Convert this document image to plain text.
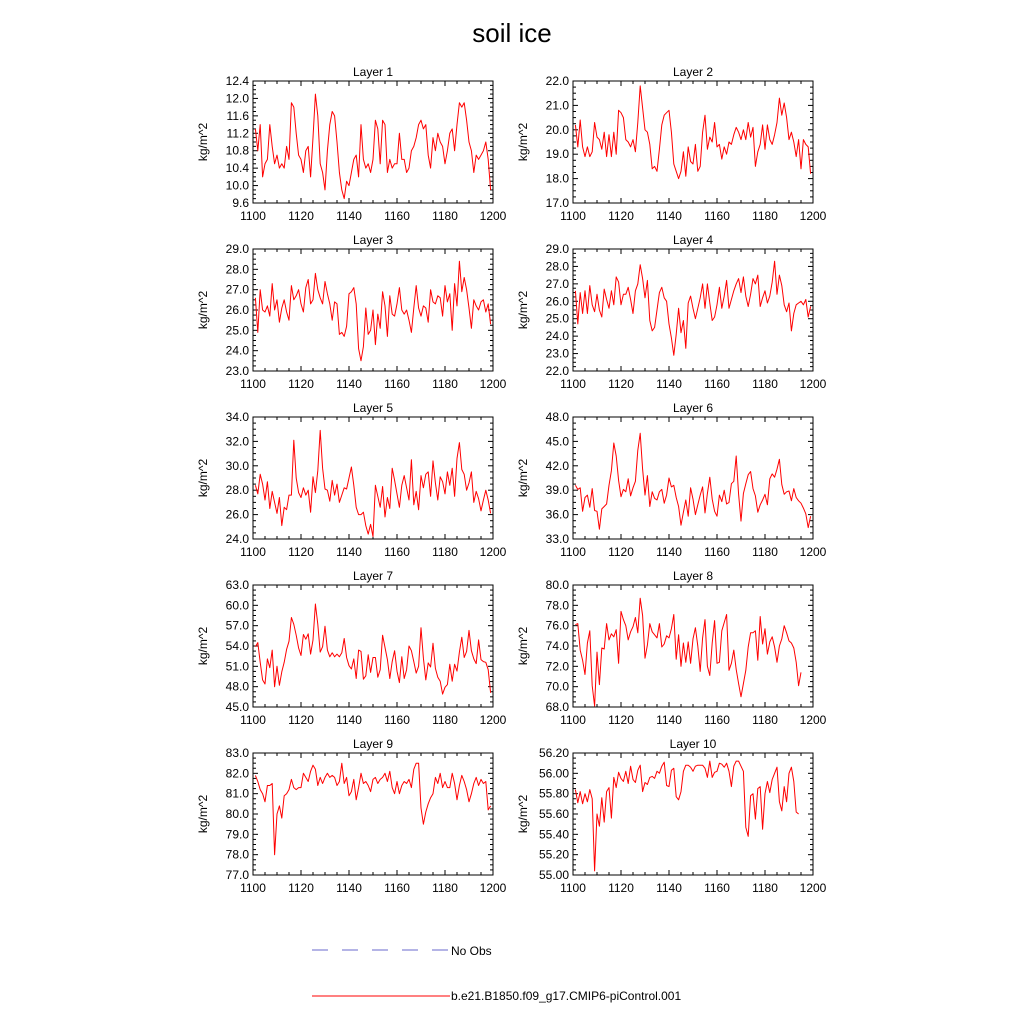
soil ice
Layer 1
kg/m^2
1100 1120 1140 1160 1180 1200
9.6
10.0
10.4
10.8
11.2
11.6
12.0
12.4
Layer 2
kg/m^2
1100 1120 1140 1160 1180 1200
17.0
18.0
19.0
20.0
21.0
22.0
Layer 3
kg/m^2
1100 1120 1140 1160 1180 1200
23.0
24.0
25.0
26.0
27.0
28.0
29.0
Layer 4
kg/m^2
1100 1120 1140 1160 1180 1200
22.0
23.0
24.0
25.0
26.0
27.0
28.0
29.0
Layer 5
kg/m^2
1100 1120 1140 1160 1180 1200
24.0
26.0
28.0
30.0
32.0
34.0
Layer 6
kg/m^2
1100 1120 1140 1160 1180 1200
33.0
36.0
39.0
42.0
45.0
48.0
Layer 7
kg/m^2
1100 1120 1140 1160 1180 1200
45.0
48.0
51.0
54.0
57.0
60.0
63.0
Layer 8
kg/m^2
1100 1120 1140 1160 1180 1200
68.0
70.0
72.0
74.0
76.0
78.0
80.0
Layer 9
kg/m^2
1100 1120 1140 1160 1180 1200
77.0
78.0
79.0
80.0
81.0
82.0
83.0
Layer 10
kg/m^2
1100 1120 1140 1160 1180 1200
55.00
55.20
55.40
55.60
55.80
56.00
56.20
No Obs
b.e21.B1850.f09_g17.CMIP6-piControl.001
